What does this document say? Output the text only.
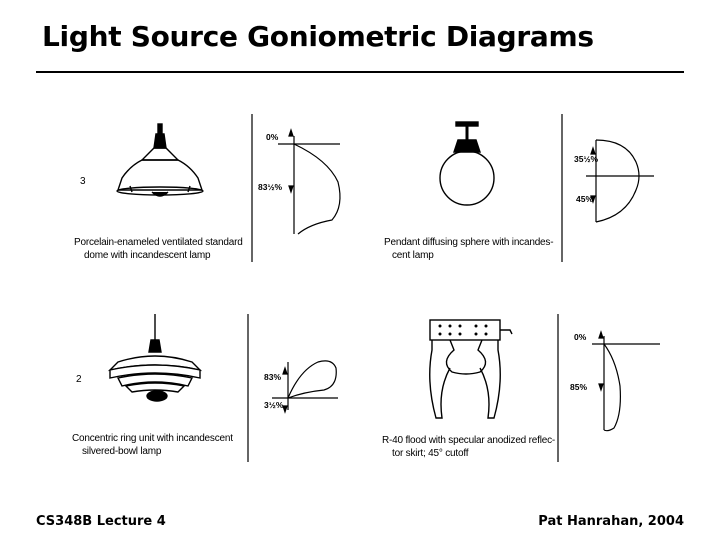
Light Source Goniometric Diagrams
3
0%
83½%
Porcelain-enameled ventilated standard
dome with incandescent lamp
35½%
45%
Pendant diffusing sphere with incandes-
cent lamp
2	83%
3½%
Concentric ring unit with incandescent
silvered-bowl lamp
0%
85%
R-40 flood with specular anodized reflec-
tor skirt; 45° cutoff
CS348B Lecture 4	Pat Hanrahan, 2004
